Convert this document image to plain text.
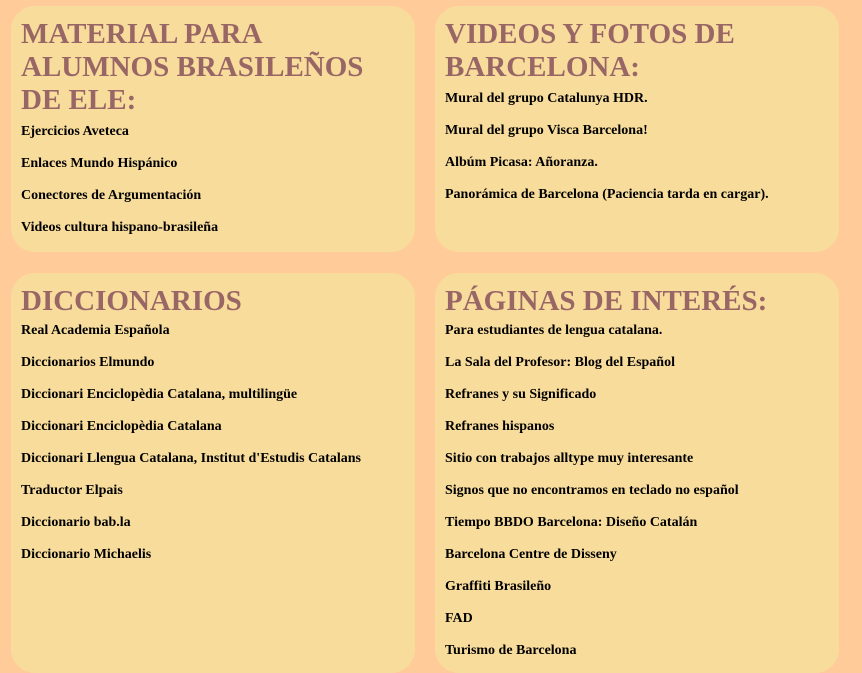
MATERIAL PARA ALUMNOS BRASILEÑOS DE ELE:
Ejercicios Aveteca
Enlaces Mundo Hispánico
Conectores de Argumentación
Videos cultura hispano-brasileña
VIDEOS Y FOTOS DE BARCELONA:
Mural del grupo Catalunya HDR.
Mural del grupo Visca Barcelona!
Albúm Picasa: Añoranza.
Panorámica de Barcelona (Paciencia tarda en cargar).
DICCIONARIOS
Real Academia Española
Diccionarios Elmundo
Diccionari Enciclopèdia Catalana, multilingüe
Diccionari Enciclopèdia Catalana
Diccionari Llengua Catalana, Institut d'Estudis Catalans
Traductor Elpais
Diccionario bab.la
Diccionario Michaelis
PÁGINAS DE INTERÉS:
Para estudiantes de lengua catalana.
La Sala del Profesor: Blog del Español
Refranes y su Significado
Refranes hispanos
Sitio con trabajos alltype muy interesante
Signos que no encontramos en teclado no español
Tiempo BBDO Barcelona: Diseño Catalán
Barcelona Centre de Disseny
Graffiti Brasileño
FAD
Turismo de Barcelona
